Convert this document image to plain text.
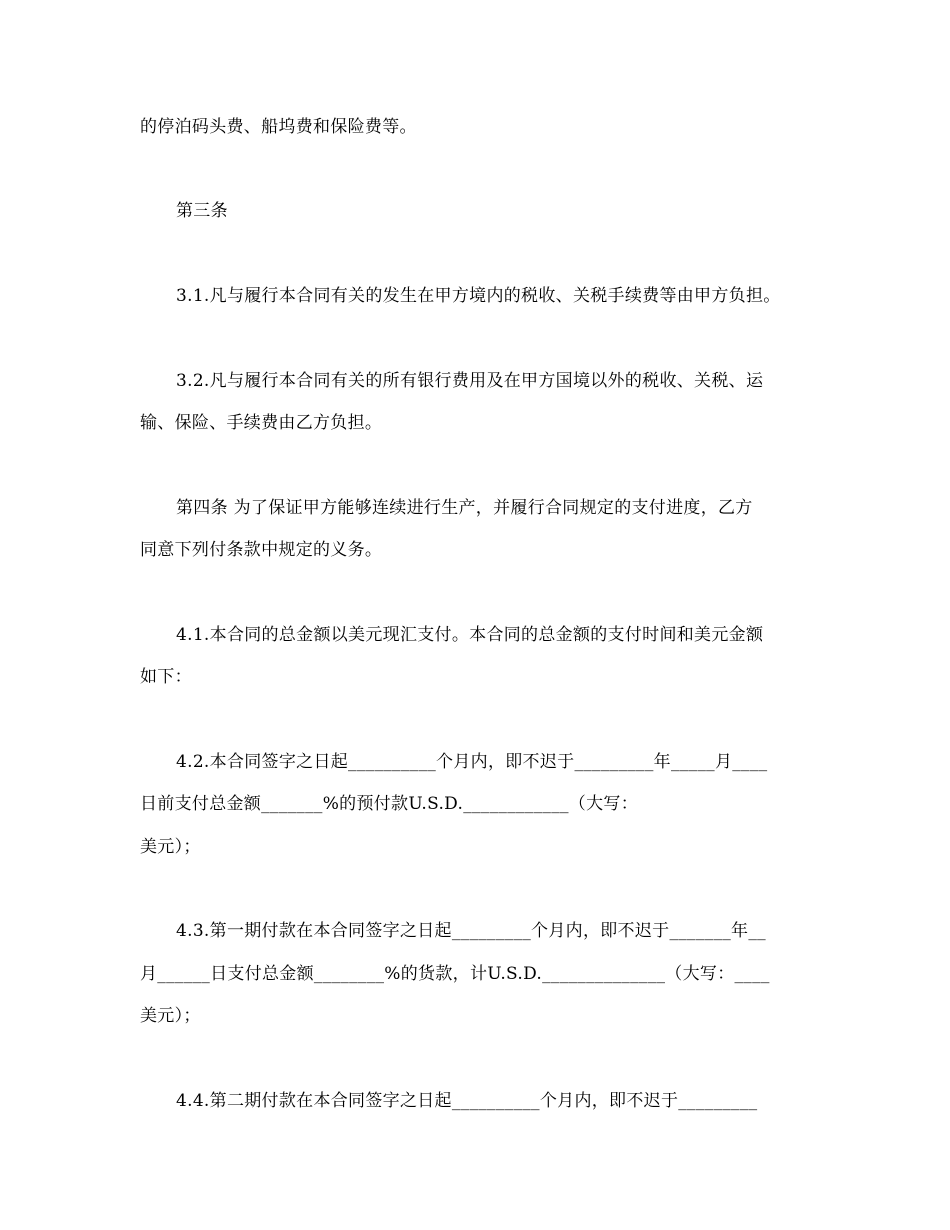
的停泊码头费、船坞费和保险费等。
第三条
3.1.凡与履行本合同有关的发生在甲方境内的税收、关税手续费等由甲方负担。
3.2.凡与履行本合同有关的所有银行费用及在甲方国境以外的税收、关税、运
输、保险、手续费由乙方负担。
第四条 为了保证甲方能够连续进行生产，并履行合同规定的支付进度，乙方
同意下列付条款中规定的义务。
4.1.本合同的总金额以美元现汇支付。本合同的总金额的支付时间和美元金额
如下：
4.2.本合同签字之日起__________个月内，即不迟于_________年_____月____
日前支付总金额_______%的预付款U.S.D.____________（大写：
美元）；
4.3.第一期付款在本合同签字之日起_________个月内，即不迟于_______年__
月______日支付总金额________%的货款，计U.S.D.______________（大写：____
美元）；
4.4.第二期付款在本合同签字之日起__________个月内，即不迟于_________
